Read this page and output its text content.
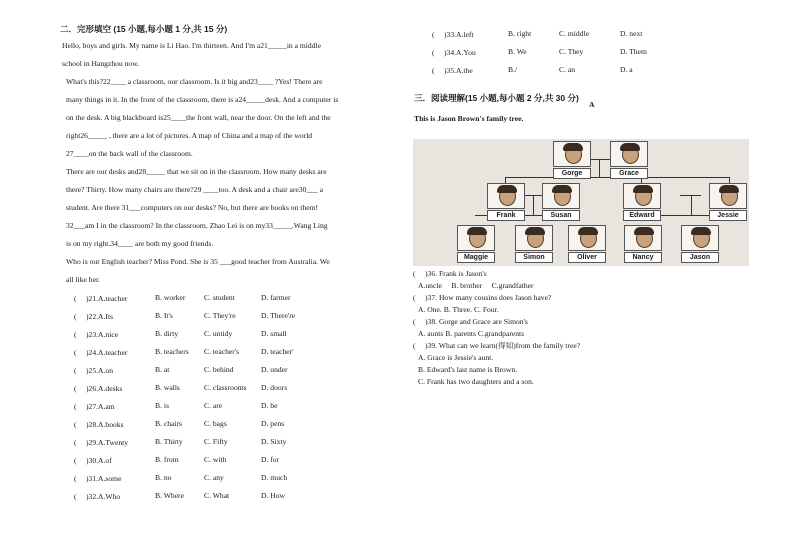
二．完形填空 (15 小题,每小题 1 分,共 15 分)
Hello, boys and girls. My name is Li Hao. I'm thirteen. And I'm a21_____in a middle
school in Hangzhou now.
What's this?22____ a classroom, our classroom. Is it big and23____ ?Yes! There are
many things in it. In the front of the classroom, there is a24_____desk. And a computer is
on the desk. A big blackboard is25____the front wall, near the door. On the left and the
right26_____ , there are a lot of pictures. A map of China and a map of the world
27____on the back wall of the classroom.
There are our desks and28_____ that we sit on in the classroom. How many desks are
there? Thirty. How many chairs are there?29 ____too. A desk and a chair are30___ a
student. Are there 31___computers on our desks? No, but there are books on them!
32___am I in the classroom? In the classroom, Zhao Lei is on my33_____.Wang Ling
is on my right.34____ are both my good friends.
Who is our English teacher? Miss Pond. She is 35 ___good teacher from Australia. We
all like her.
(　 )21.A.teacher	B. worker C. student	D. farmer
(　 )22.A.Its	B. It's	C. They're	D. There're
(　 )23.A.nice	B. dirty	C. untidy	D. small
(　 )24.A.teacher	B. teachers C. teacher's	D. teacher'
(　 )25.A.on	B. at	C. behind	D. under
(　 )26.A.desks	B. walls	C. classrooms D. doors
(　 )27.A.am	B. is	C. are	D. be
(　 )28.A.books	B. chairs	C. bags	D. pens
(　 )29.A.Twenty	B. Thirty	C. Fifty	D. Sixty
(　 )30.A.of	B. from	C. with	D. for
(　 )31.A.some	B. no	C. any	D. much
(　 )32.A.Who	B. Where	C. What	D. How
(　 )33.A.left	B. right	C. middle	D. next
(　 )34.A.You	B. We	C. They	D. Them
(　 )35.A.the	B./	C. an	D. a
三．阅读理解(15 小题,每小题 2 分,共 30 分)
A
This is Jason Brown's family tree.
Gorge	Grace
Frank	Susan	Edward	Jessie
Maggie	Simon	Oliver	Nancy	Jason
(　 )36. Frank is Jason's
A.uncle　 B. brother　 C.grandfather
(　 )37. How many cousins does Jason have?
A. One. B. Three. C. Four.
(　 )38. Gorge and Grace are Simon's
A. aunts B. parents C.grandparents
(　 )39. What can we learn(得知)from the family tree?
A. Grace is Jessie's aunt.
B. Edward's last name is Brown.
C. Frank has two daughters and a son.
